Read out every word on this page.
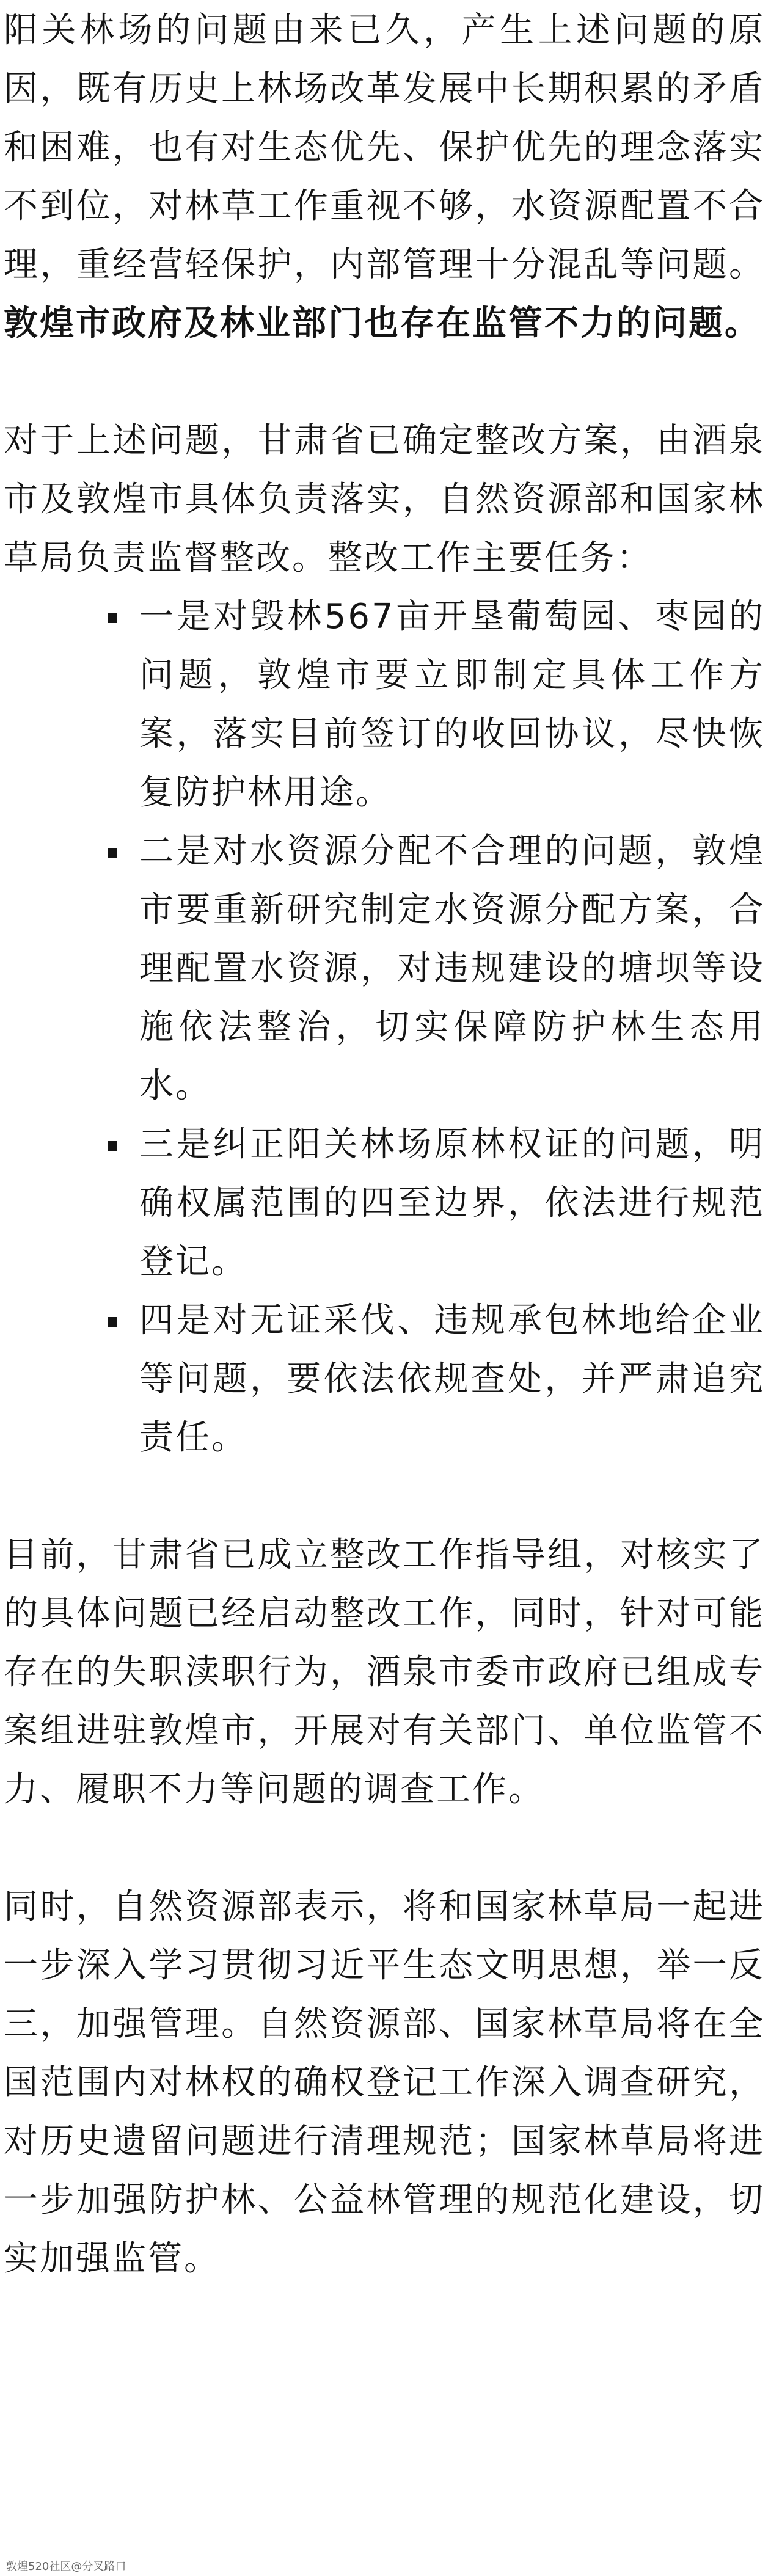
阳关林场的问题由来已久，产生上述问题的原因，既有历史上林场改革发展中长期积累的矛盾和困难，也有对生态优先、保护优先的理念落实不到位，对林草工作重视不够，水资源配置不合理，重经营轻保护，内部管理十分混乱等问题。敦煌市政府及林业部门也存在监管不力的问题。

对于上述问题，甘肃省已确定整改方案，由酒泉市及敦煌市具体负责落实，自然资源部和国家林草局负责监督整改。整改工作主要任务：

一是对毁林567亩开垦葡萄园、枣园的问题，敦煌市要立即制定具体工作方案，落实目前签订的收回协议，尽快恢复防护林用途。
二是对水资源分配不合理的问题，敦煌市要重新研究制定水资源分配方案，合理配置水资源，对违规建设的塘坝等设施依法整治，切实保障防护林生态用水。
三是纠正阳关林场原林权证的问题，明确权属范围的四至边界，依法进行规范登记。
四是对无证采伐、违规承包林地给企业等问题，要依法依规查处，并严肃追究责任。

目前，甘肃省已成立整改工作指导组，对核实了的具体问题已经启动整改工作，同时，针对可能存在的失职渎职行为，酒泉市委市政府已组成专案组进驻敦煌市，开展对有关部门、单位监管不力、履职不力等问题的调查工作。

同时，自然资源部表示，将和国家林草局一起进一步深入学习贯彻习近平生态文明思想，举一反三，加强管理。自然资源部、国家林草局将在全国范围内对林权的确权登记工作深入调查研究，对历史遗留问题进行清理规范；国家林草局将进一步加强防护林、公益林管理的规范化建设，切实加强监管。

敦煌520社区@分叉路口
